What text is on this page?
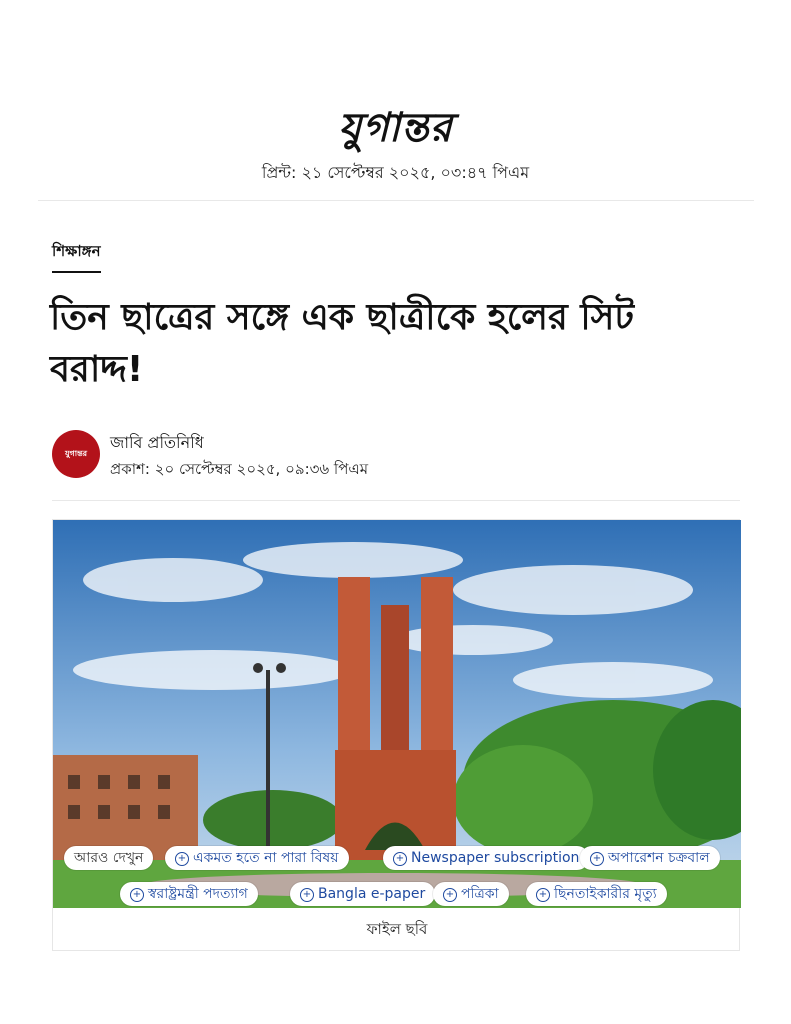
যুগান্তর
প্রিন্ট: ২১ সেপ্টেম্বর ২০২৫, ০৩:৪৭ পিএম
শিক্ষাঙ্গন
তিন ছাত্রের সঙ্গে এক ছাত্রীকে হলের সিট বরাদ্দ!
যুগান্তর
জাবি প্রতিনিধি
প্রকাশ: ২০ সেপ্টেম্বর ২০২৫, ০৯:৩৬ পিএম
ফাইল ছবি
আরও দেখুন	+ একমত হতে না পারা বিষয়	+ Newspaper subscription	+ অপারেশন চক্রবাল
+ স্বরাষ্ট্রমন্ত্রী পদত্যাগ	+ Bangla e-paper	+ পত্রিকা	+ ছিনতাইকারীর মৃত্যু
